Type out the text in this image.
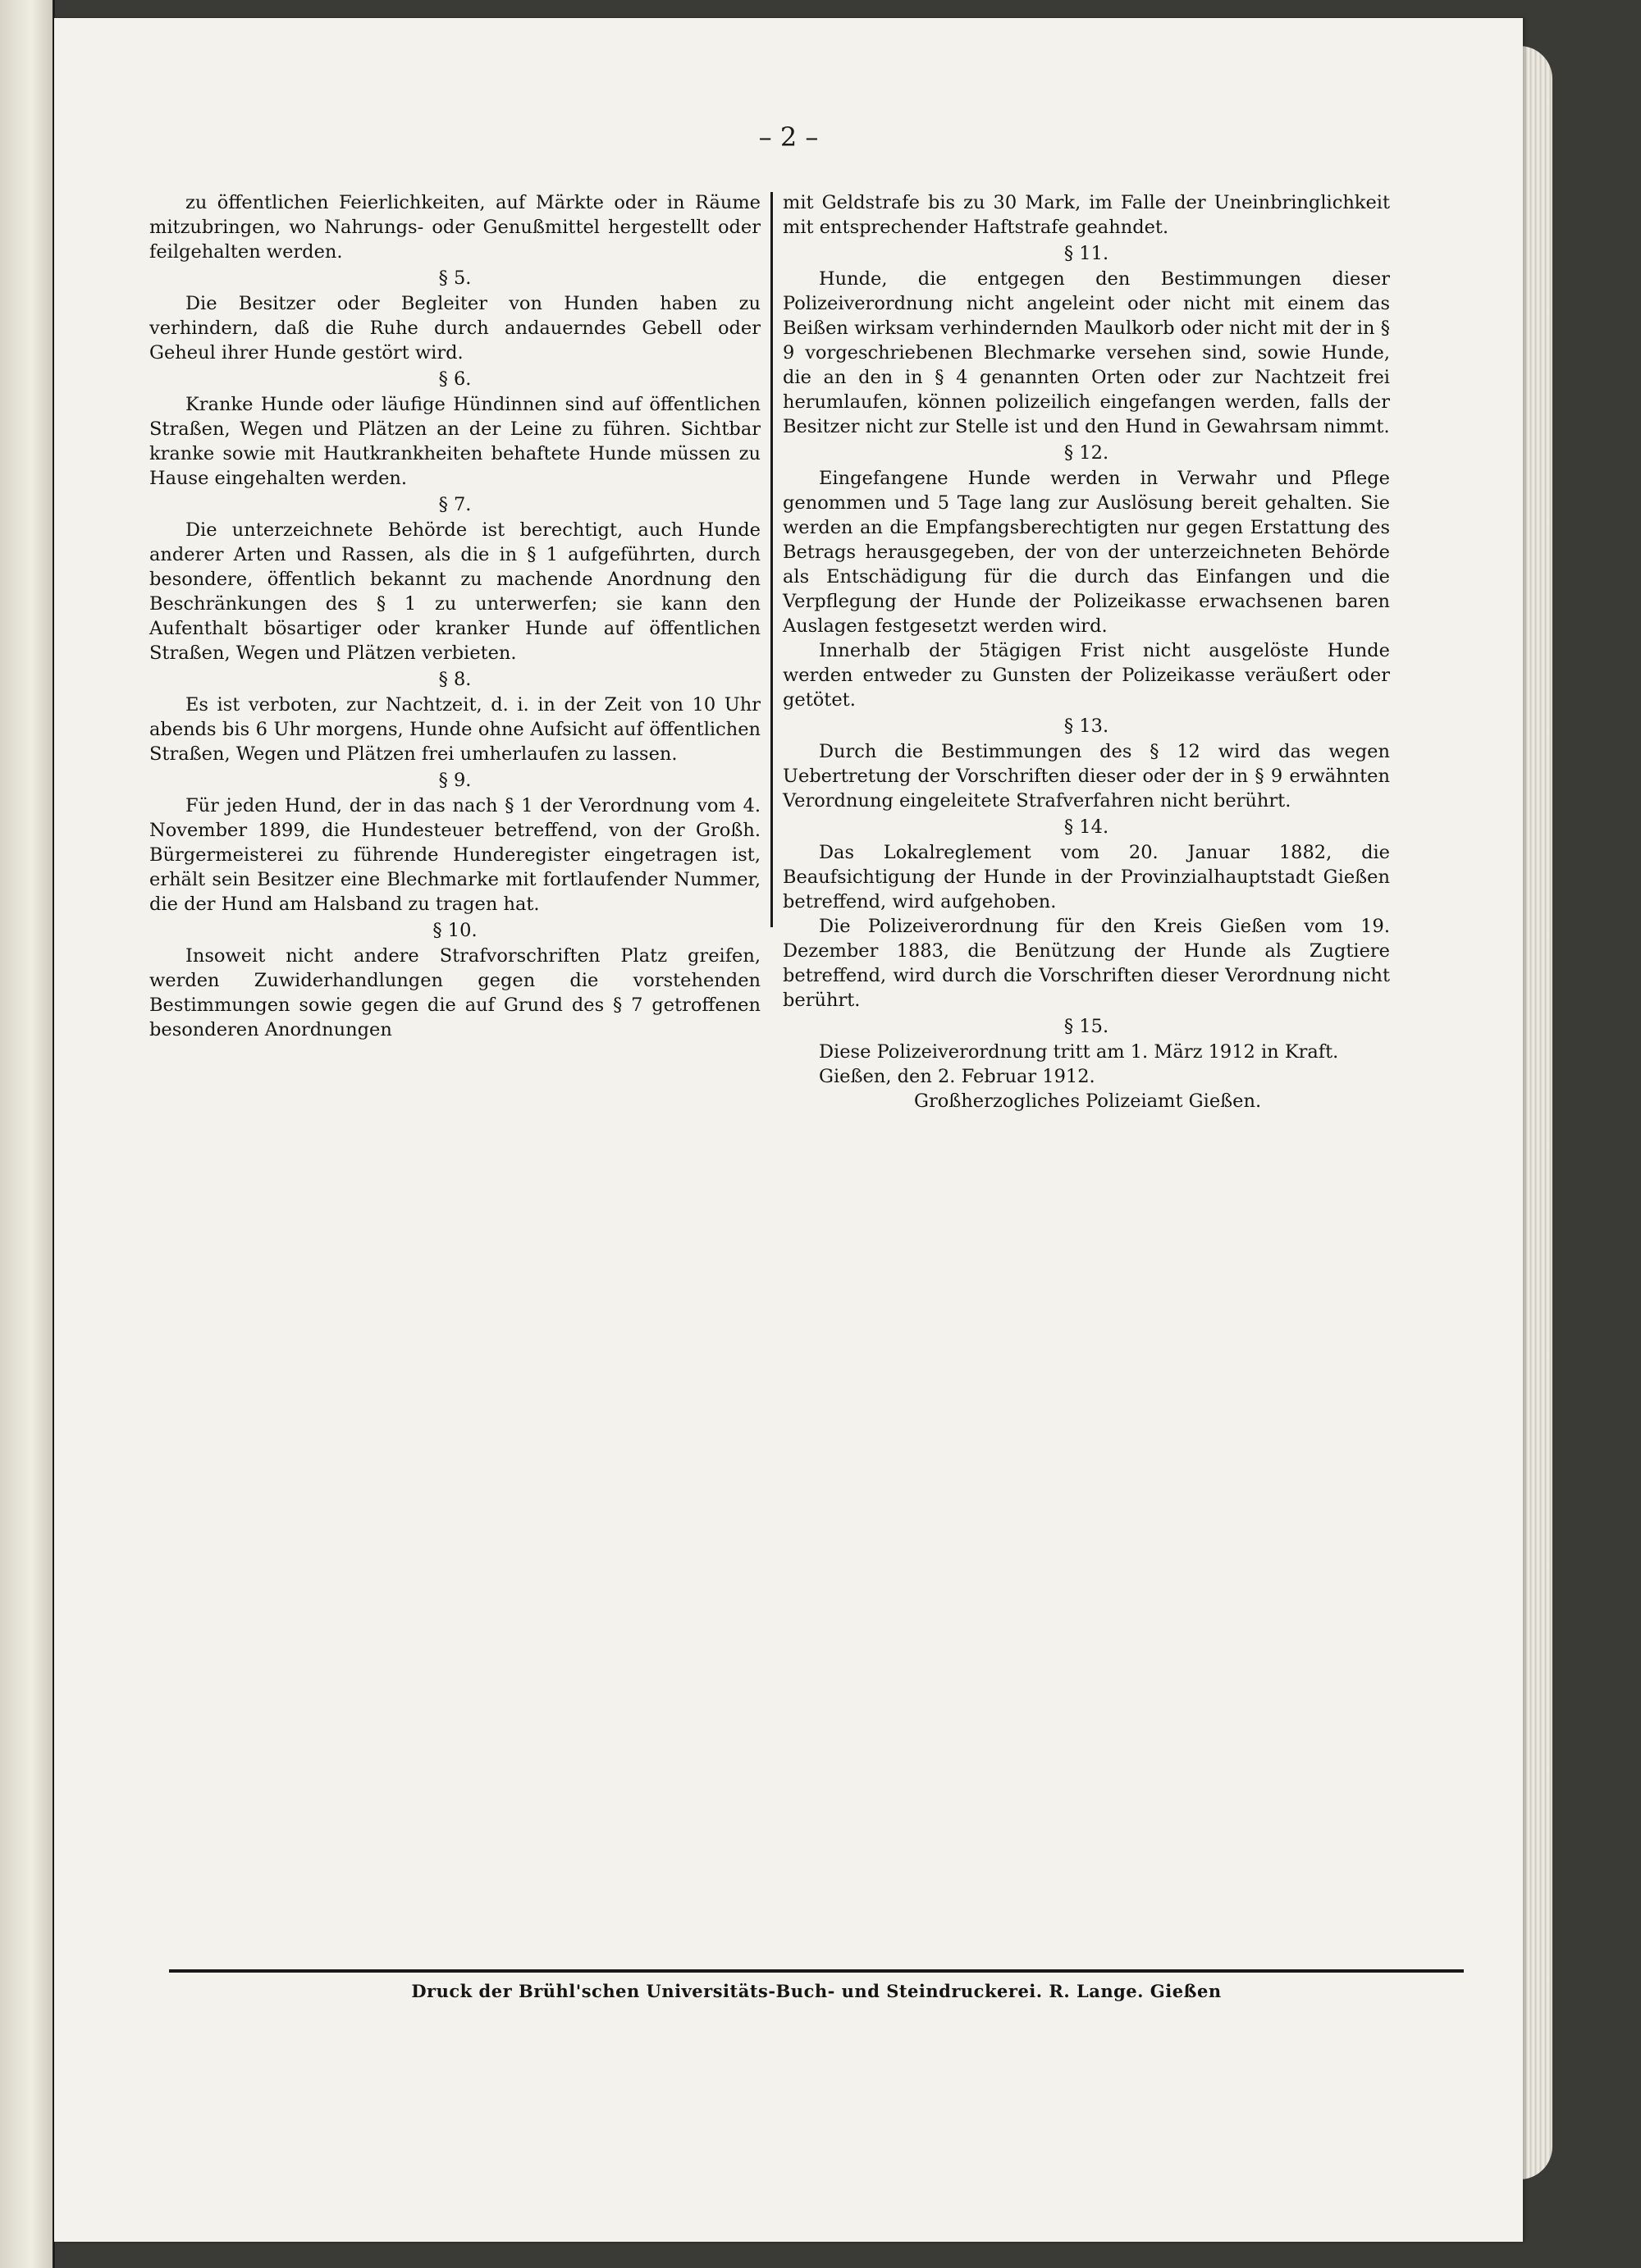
– 2 –

zu öffentlichen Feierlichkeiten, auf Märkte oder in Räume mitzubringen, wo Nahrungs- oder Genußmittel hergestellt oder feilgehalten werden.

§ 5.

Die Besitzer oder Begleiter von Hunden haben zu verhindern, daß die Ruhe durch andauerndes Gebell oder Geheul ihrer Hunde gestört wird.

§ 6.

Kranke Hunde oder läufige Hündinnen sind auf öffentlichen Straßen, Wegen und Plätzen an der Leine zu führen. Sichtbar kranke sowie mit Hautkrankheiten behaftete Hunde müssen zu Hause eingehalten werden.

§ 7.

Die unterzeichnete Behörde ist berechtigt, auch Hunde anderer Arten und Rassen, als die in § 1 aufgeführten, durch besondere, öffentlich bekannt zu machende Anordnung den Beschränkungen des § 1 zu unterwerfen; sie kann den Aufenthalt bösartiger oder kranker Hunde auf öffentlichen Straßen, Wegen und Plätzen verbieten.

§ 8.

Es ist verboten, zur Nachtzeit, d. i. in der Zeit von 10 Uhr abends bis 6 Uhr morgens, Hunde ohne Aufsicht auf öffentlichen Straßen, Wegen und Plätzen frei umherlaufen zu lassen.

§ 9.

Für jeden Hund, der in das nach § 1 der Verordnung vom 4. November 1899, die Hundesteuer betreffend, von der Großh. Bürgermeisterei zu führende Hunderegister eingetragen ist, erhält sein Besitzer eine Blechmarke mit fortlaufender Nummer, die der Hund am Halsband zu tragen hat.

§ 10.

Insoweit nicht andere Strafvorschriften Platz greifen, werden Zuwiderhandlungen gegen die vorstehenden Bestimmungen sowie gegen die auf Grund des § 7 getroffenen besonderen Anordnungen

mit Geldstrafe bis zu 30 Mark, im Falle der Uneinbringlichkeit mit entsprechender Haftstrafe geahndet.

§ 11.

Hunde, die entgegen den Bestimmungen dieser Polizeiverordnung nicht angeleint oder nicht mit einem das Beißen wirksam verhindernden Maulkorb oder nicht mit der in § 9 vorgeschriebenen Blechmarke versehen sind, sowie Hunde, die an den in § 4 genannten Orten oder zur Nachtzeit frei herumlaufen, können polizeilich eingefangen werden, falls der Besitzer nicht zur Stelle ist und den Hund in Gewahrsam nimmt.

§ 12.

Eingefangene Hunde werden in Verwahr und Pflege genommen und 5 Tage lang zur Auslösung bereit gehalten. Sie werden an die Empfangsberechtigten nur gegen Erstattung des Betrags herausgegeben, der von der unterzeichneten Behörde als Entschädigung für die durch das Einfangen und die Verpflegung der Hunde der Polizeikasse erwachsenen baren Auslagen festgesetzt werden wird.

Innerhalb der 5tägigen Frist nicht ausgelöste Hunde werden entweder zu Gunsten der Polizeikasse veräußert oder getötet.

§ 13.

Durch die Bestimmungen des § 12 wird das wegen Uebertretung der Vorschriften dieser oder der in § 9 erwähnten Verordnung eingeleitete Strafverfahren nicht berührt.

§ 14.

Das Lokalreglement vom 20. Januar 1882, die Beaufsichtigung der Hunde in der Provinzialhauptstadt Gießen betreffend, wird aufgehoben.

Die Polizeiverordnung für den Kreis Gießen vom 19. Dezember 1883, die Benützung der Hunde als Zugtiere betreffend, wird durch die Vorschriften dieser Verordnung nicht berührt.

§ 15.

Diese Polizeiverordnung tritt am 1. März 1912 in Kraft.

Gießen, den 2. Februar 1912.

Großherzogliches Polizeiamt Gießen.

Druck der Brühl'schen Universitäts-Buch- und Steindruckerei. R. Lange. Gießen
